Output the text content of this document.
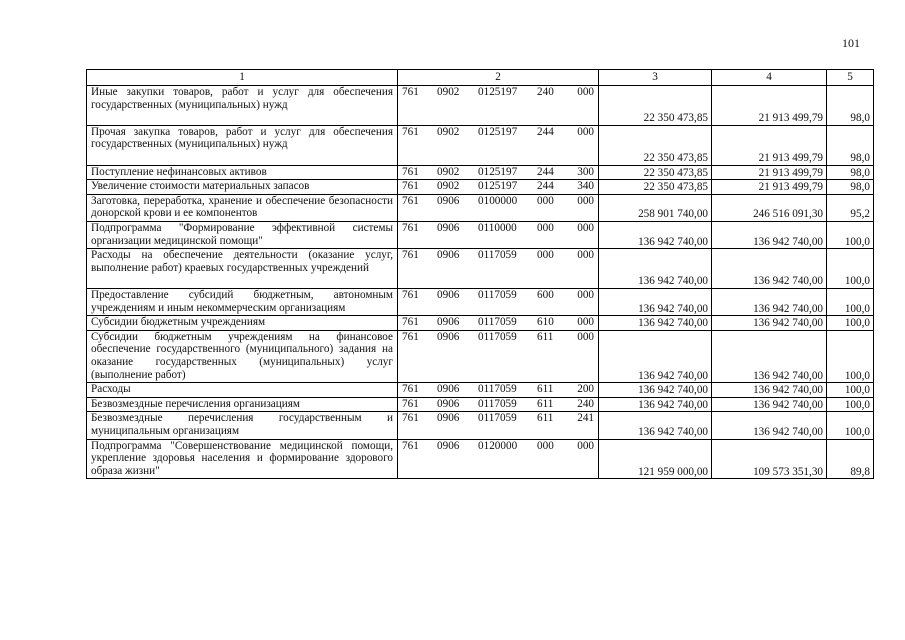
101
1	2	3	4	5
Иные закупки товаров, работ и услуг для обеспечения государственных (муниципальных) нужд	761 0902 0125197 240 000	22 350 473,85	21 913 499,79	98,0
Прочая закупка товаров, работ и услуг для обеспечения государственных (муниципальных) нужд	761 0902 0125197 244 000	22 350 473,85	21 913 499,79	98,0
Поступление нефинансовых активов	761 0902 0125197 244 300	22 350 473,85	21 913 499,79	98,0
Увеличение стоимости материальных запасов	761 0902 0125197 244 340	22 350 473,85	21 913 499,79	98,0
Заготовка, переработка, хранение и обеспечение безопасности донорской крови и ее компонентов	761 0906 0100000 000 000	258 901 740,00	246 516 091,30	95,2
Подпрограмма "Формирование эффективной системы организации медицинской помощи"	761 0906 0110000 000 000	136 942 740,00	136 942 740,00	100,0
Расходы на обеспечение деятельности (оказание услуг, выполнение работ) краевых государственных учреждений	761 0906 0117059 000 000	136 942 740,00	136 942 740,00	100,0
Предоставление субсидий бюджетным, автономным учреждениям и иным некоммерческим организациям	761 0906 0117059 600 000	136 942 740,00	136 942 740,00	100,0
Субсидии бюджетным учреждениям	761 0906 0117059 610 000	136 942 740,00	136 942 740,00	100,0
Субсидии бюджетным учреждениям на финансовое обеспечение государственного (муниципального) задания на оказание государственных (муниципальных) услуг (выполнение работ)	761 0906 0117059 611 000	136 942 740,00	136 942 740,00	100,0
Расходы	761 0906 0117059 611 200	136 942 740,00	136 942 740,00	100,0
Безвозмездные перечисления организациям	761 0906 0117059 611 240	136 942 740,00	136 942 740,00	100,0
Безвозмездные перечисления государственным и муниципальным организациям	761 0906 0117059 611 241	136 942 740,00	136 942 740,00	100,0
Подпрограмма "Совершенствование медицинской помощи, укрепление здоровья населения и формирование здорового образа жизни"	761 0906 0120000 000 000	121 959 000,00	109 573 351,30	89,8
